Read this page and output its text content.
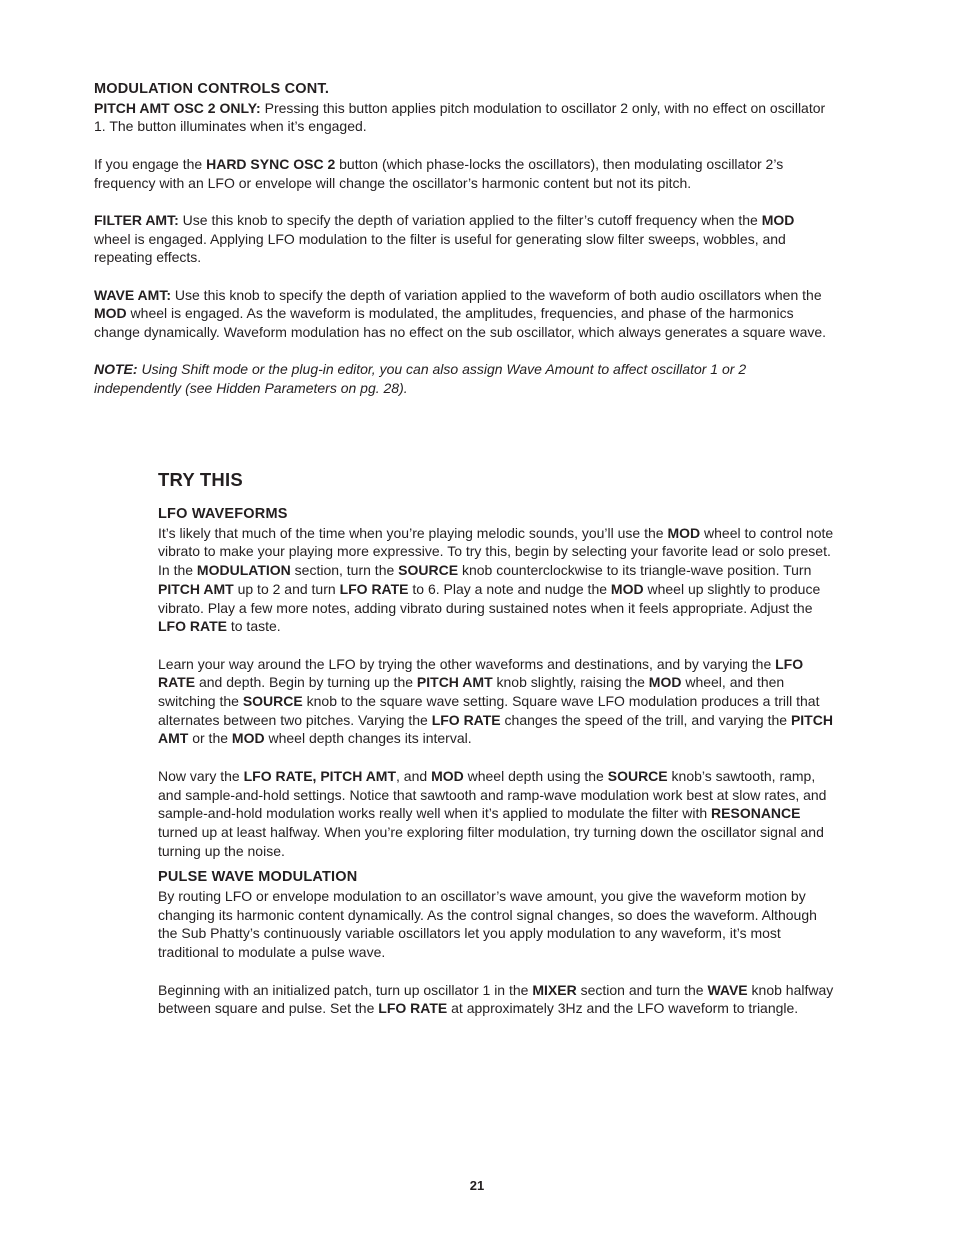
MODULATION CONTROLS CONT.

PITCH AMT OSC 2 ONLY: Pressing this button applies pitch modulation to oscillator 2 only, with no effect on oscillator 1. The button illuminates when it’s engaged.

If you engage the HARD SYNC OSC 2 button (which phase-locks the oscillators), then modulating oscillator 2’s frequency with an LFO or envelope will change the oscillator’s harmonic content but not its pitch.

FILTER AMT: Use this knob to specify the depth of variation applied to the filter’s cutoff frequency when the MOD wheel is engaged. Applying LFO modulation to the filter is useful for generating slow filter sweeps, wobbles, and repeating effects.

WAVE AMT: Use this knob to specify the depth of variation applied to the waveform of both audio oscillators when the MOD wheel is engaged. As the waveform is modulated, the amplitudes, frequencies, and phase of the harmonics change dynamically. Waveform modulation has no effect on the sub oscillator, which always generates a square wave.

NOTE: Using Shift mode or the plug-in editor, you can also assign Wave Amount to affect oscillator 1 or 2 independently (see Hidden Parameters on pg. 28).

TRY THIS
LFO WAVEFORMS

It’s likely that much of the time when you’re playing melodic sounds, you’ll use the MOD wheel to control note vibrato to make your playing more expressive. To try this, begin by selecting your favorite lead or solo preset. In the MODULATION section, turn the SOURCE knob counterclockwise to its triangle-wave position. Turn PITCH AMT up to 2 and turn LFO RATE to 6. Play a note and nudge the MOD wheel up slightly to produce vibrato. Play a few more notes, adding vibrato during sustained notes when it feels appropriate. Adjust the LFO RATE to taste.

Learn your way around the LFO by trying the other waveforms and destinations, and by varying the LFO RATE and depth. Begin by turning up the PITCH AMT knob slightly, raising the MOD wheel, and then switching the SOURCE knob to the square wave setting. Square wave LFO modulation produces a trill that alternates between two pitches. Varying the LFO RATE changes the speed of the trill, and varying the PITCH AMT or the MOD wheel depth changes its interval.

Now vary the LFO RATE, PITCH AMT, and MOD wheel depth using the SOURCE knob’s sawtooth, ramp, and sample-and-hold settings. Notice that sawtooth and ramp-wave modulation work best at slow rates, and sample-and-hold modulation works really well when it’s applied to modulate the filter with RESONANCE turned up at least halfway. When you’re exploring filter modulation, try turning down the oscillator signal and turning up the noise.

PULSE WAVE MODULATION

By routing LFO or envelope modulation to an oscillator’s wave amount, you give the waveform motion by changing its harmonic content dynamically. As the control signal changes, so does the waveform. Although the Sub Phatty’s continuously variable oscillators let you apply modulation to any waveform, it’s most traditional to modulate a pulse wave.

Beginning with an initialized patch, turn up oscillator 1 in the MIXER section and turn the WAVE knob halfway between square and pulse. Set the LFO RATE at approximately 3Hz and the LFO waveform to triangle.

21
